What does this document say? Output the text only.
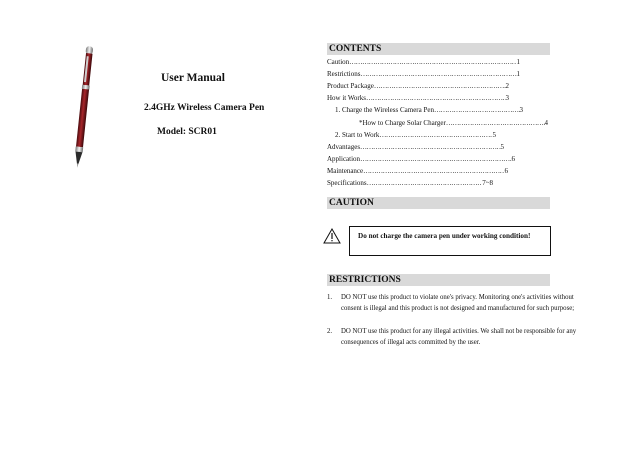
User Manual
2.4GHz Wireless Camera Pen
Model: SCR01
CONTENTS
Caution ……………………………………………………………………………………………………	1
Restrictions ……………………………………………………………………………………………………	1
Product Package ……………………………………………………………………………………………………	2
How it Works ……………………………………………………………………………………………………	3
1. Charge the Wireless Camera Pen ……………………………………………………………………………………………………	3
*How to Charge Solar Charger ……………………………………………………………………………………………………	4
2. Start to Work ……………………………………………………………………………………………………	5
Advantages ……………………………………………………………………………………………………	5
Application ……………………………………………………………………………………………………	6
Maintenance ……………………………………………………………………………………………………	6
Specifications ……………………………………………………………………………………………………	7~8
CAUTION
Do not charge the camera pen under working condition!
RESTRICTIONS
1. DO NOT use this product to violate one's privacy. Monitoring one's activities without consent is illegal and this product is not designed and manufactured for such purpose;
2. DO NOT use this product for any illegal activities. We shall not be responsible for any consequences of illegal acts committed by the user.
